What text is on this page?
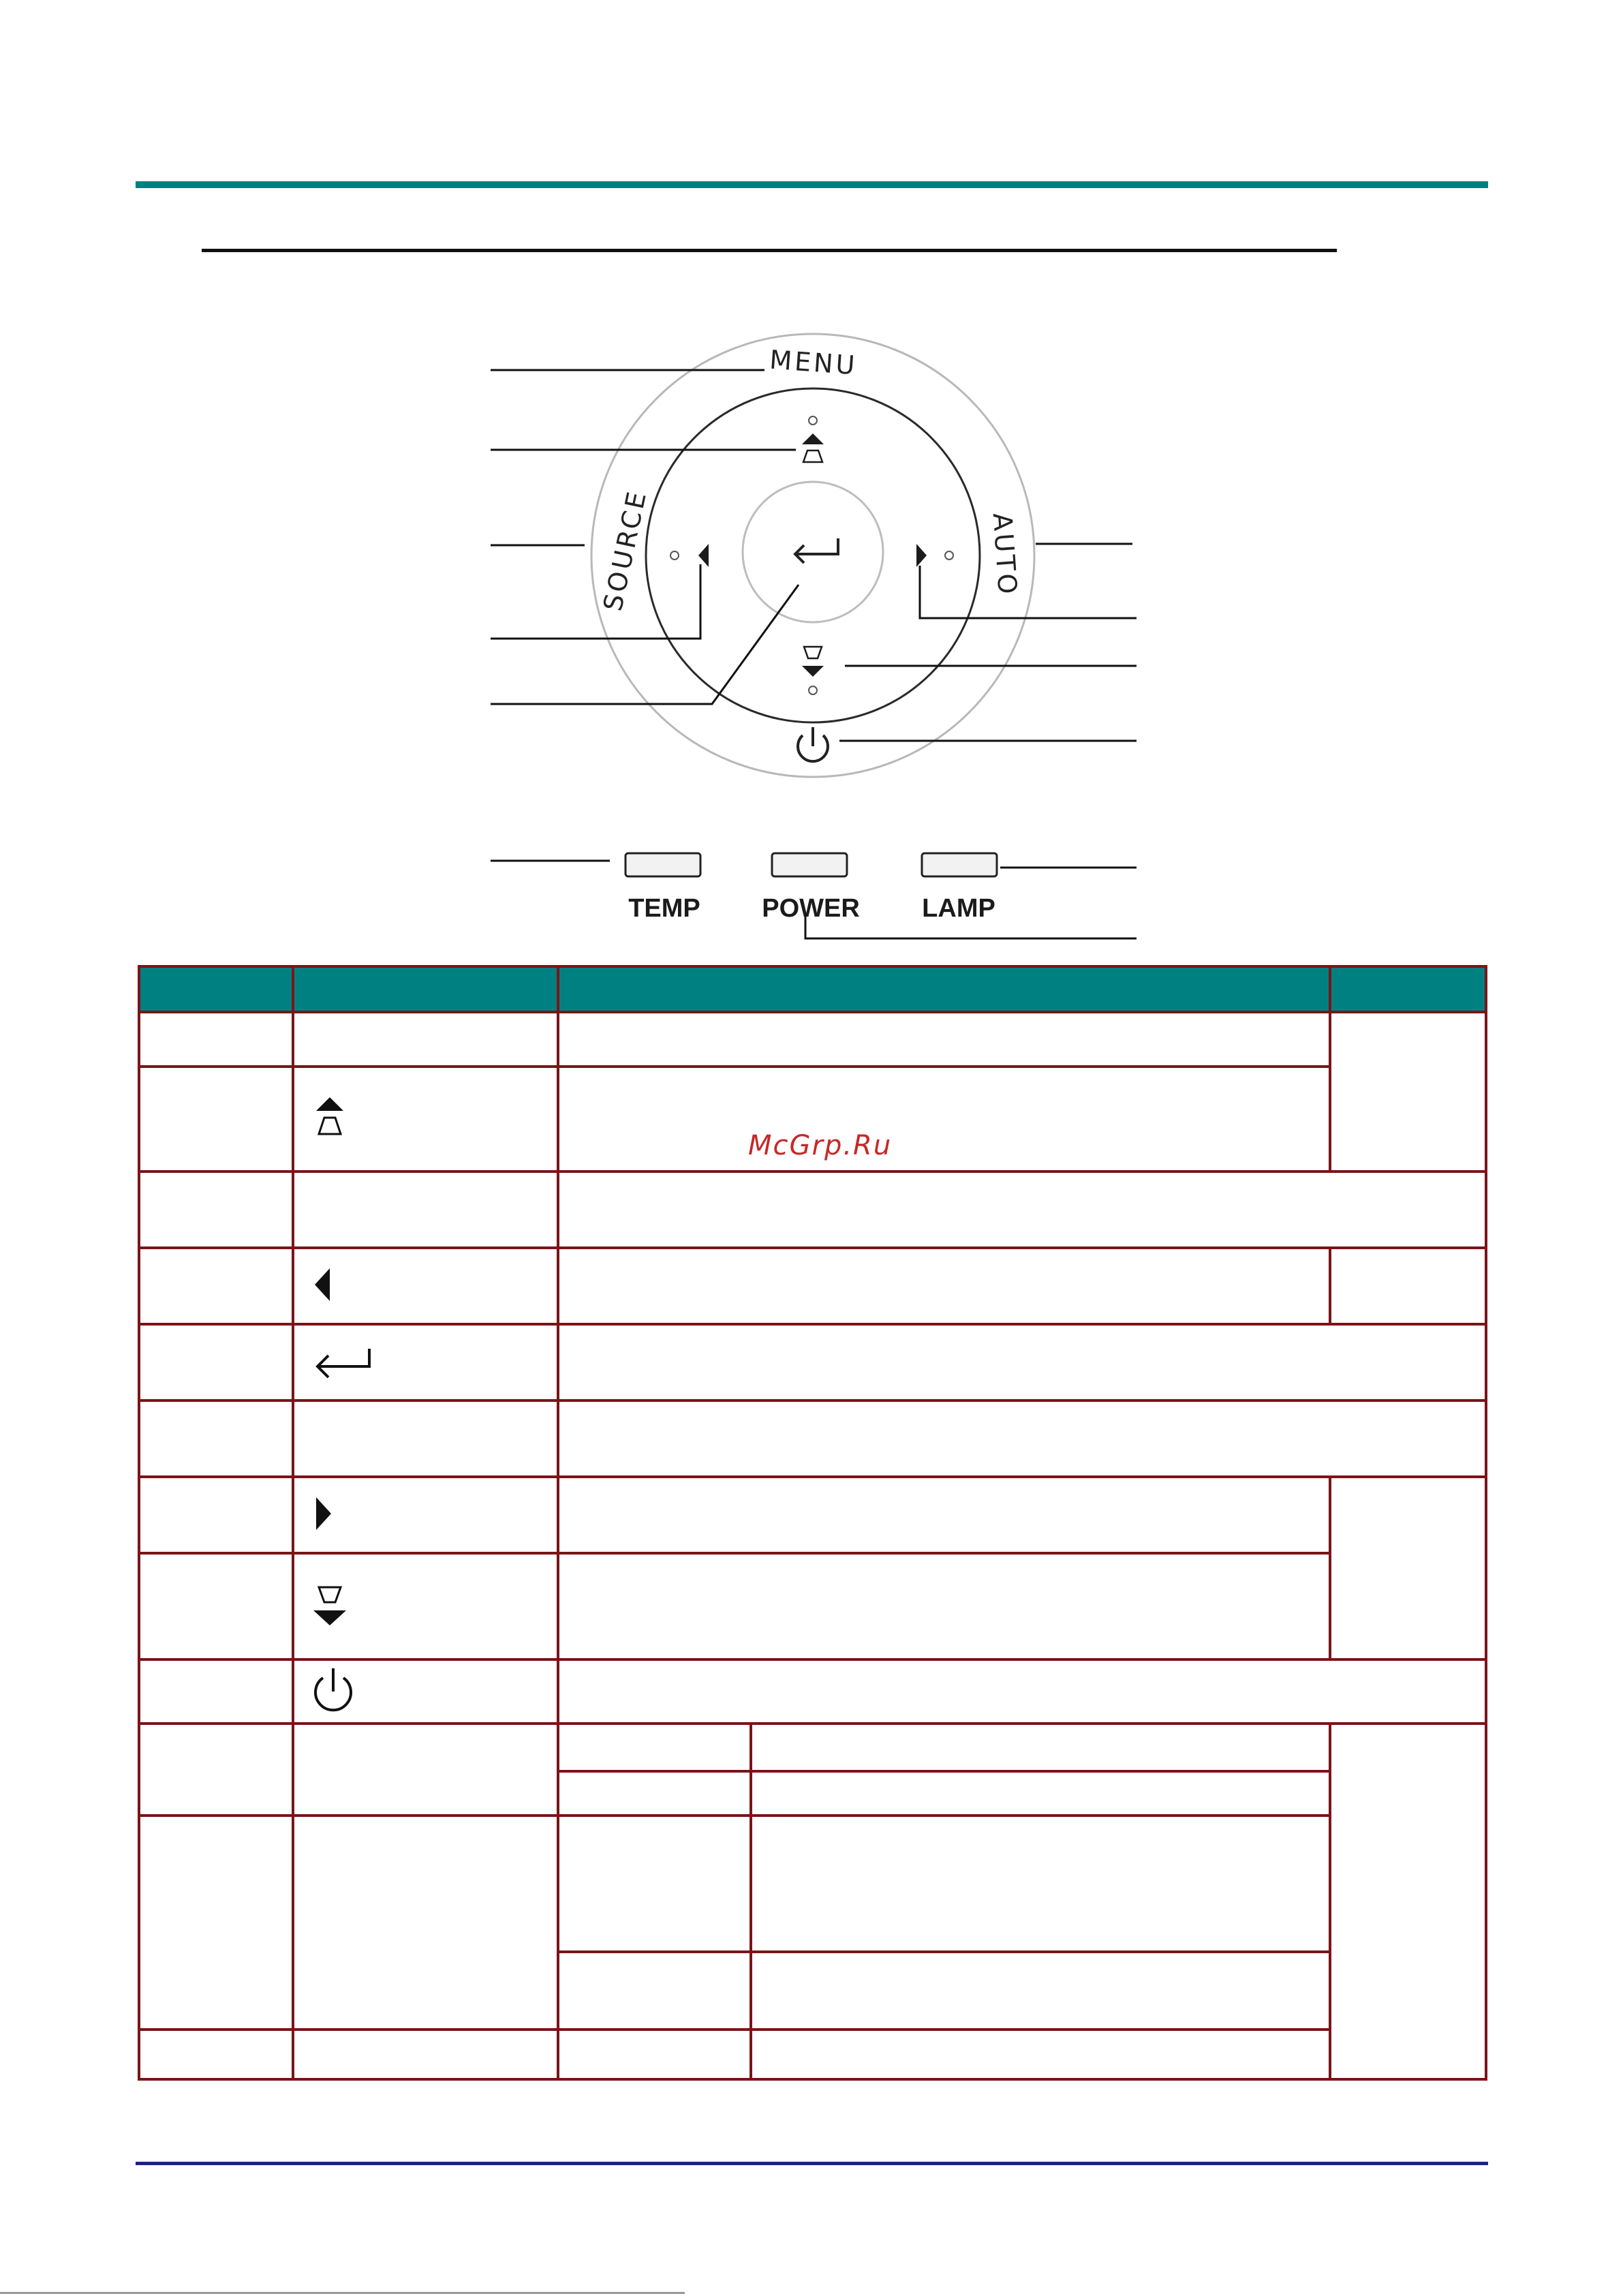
MENU
SOURCE	AUTO
TEMP POWER LAMP

McGrp.Ru
